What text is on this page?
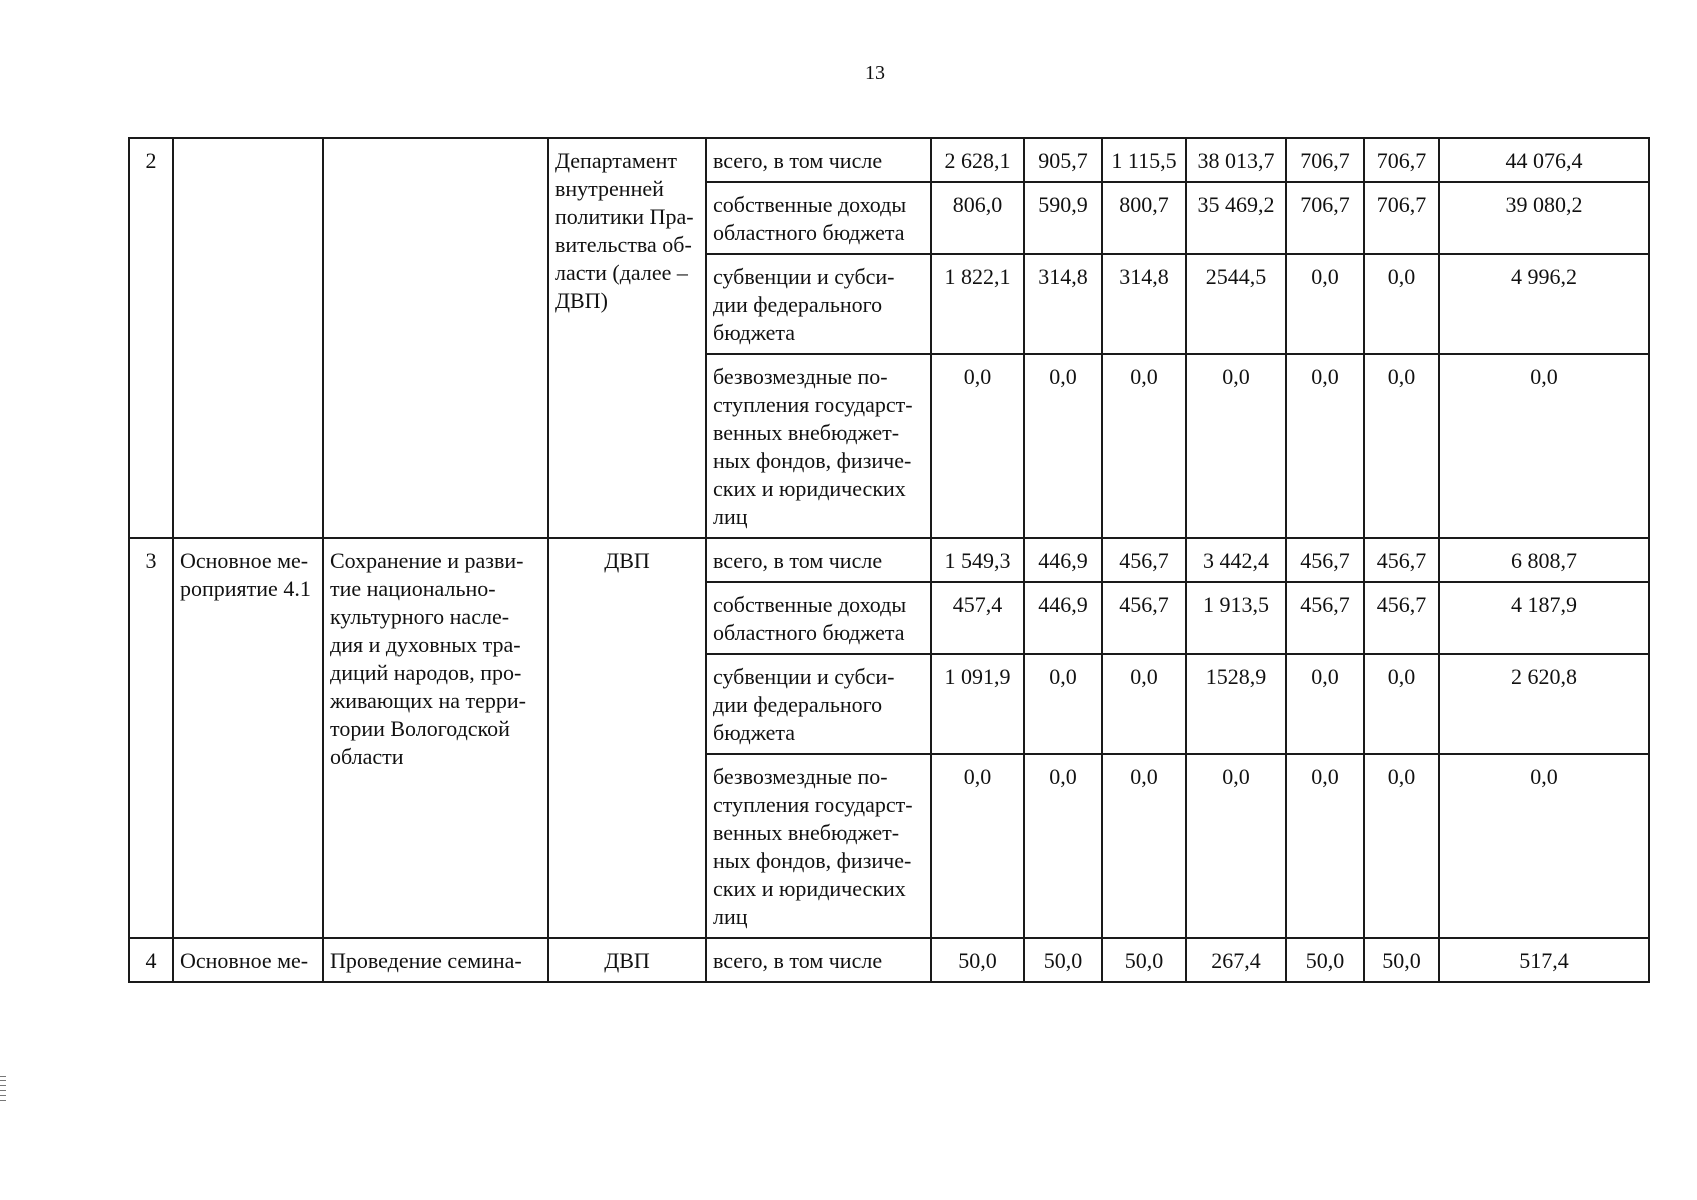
13
2			Департамент внутренней политики Пра-вительства об-ласти (далее – ДВП)	всего, в том числе	2 628,1	905,7	1 115,5	38 013,7	706,7	706,7	44 076,4
				собственные доходы областного бюджета	806,0	590,9	800,7	35 469,2	706,7	706,7	39 080,2
				субвенции и субси-дии федерального бюджета	1 822,1	314,8	314,8	2544,5	0,0	0,0	4 996,2
				безвозмездные по-ступления государст-венных внебюджет-ных фондов, физиче-ских и юридических лиц	0,0	0,0	0,0	0,0	0,0	0,0	0,0
3	Основное ме-роприятие 4.1	Сохранение и разви-тие национально-культурного насле-дия и духовных тра-диций народов, про-живающих на терри-тории Вологодской области	ДВП	всего, в том числе	1 549,3	446,9	456,7	3 442,4	456,7	456,7	6 808,7
				собственные доходы областного бюджета	457,4	446,9	456,7	1 913,5	456,7	456,7	4 187,9
				субвенции и субси-дии федерального бюджета	1 091,9	0,0	0,0	1528,9	0,0	0,0	2 620,8
				безвозмездные по-ступления государст-венных внебюджет-ных фондов, физиче-ских и юридических лиц	0,0	0,0	0,0	0,0	0,0	0,0	0,0
4	Основное ме-	Проведение семина-	ДВП	всего, в том числе	50,0	50,0	50,0	267,4	50,0	50,0	517,4
